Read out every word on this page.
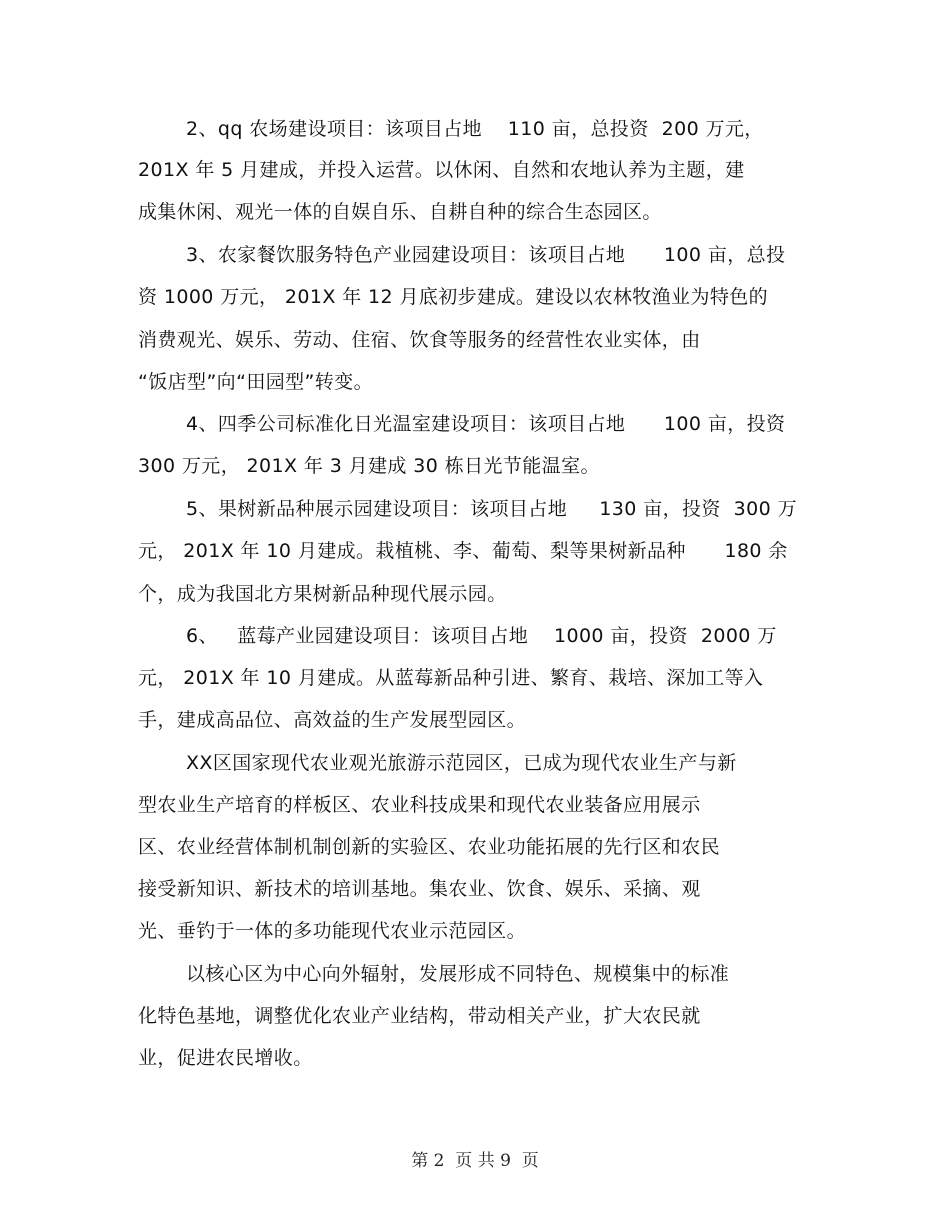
2、qq 农场建设项目：该项目占地    110 亩，总投资  200 万元，
201X 年 5 月建成，并投入运营。以休闲、自然和农地认养为主题，建
成集休闲、观光一体的自娱自乐、自耕自种的综合生态园区。
3、农家餐饮服务特色产业园建设项目：该项目占地      100 亩，总投
资 1000 万元， 201X 年 12 月底初步建成。建设以农林牧渔业为特色的
消费观光、娱乐、劳动、住宿、饮食等服务的经营性农业实体，由
“饭店型”向“田园型”转变。
4、四季公司标准化日光温室建设项目：该项目占地      100 亩，投资
300 万元， 201X 年 3 月建成 30 栋日光节能温室。
5、果树新品种展示园建设项目：该项目占地     130 亩，投资  300 万
元， 201X 年 10 月建成。栽植桃、李、葡萄、梨等果树新品种      180 余
个，成为我国北方果树新品种现代展示园。
6、   蓝莓产业园建设项目：该项目占地    1000 亩，投资  2000 万
元， 201X 年 10 月建成。从蓝莓新品种引进、繁育、栽培、深加工等入
手，建成高品位、高效益的生产发展型园区。
XX区国家现代农业观光旅游示范园区，已成为现代农业生产与新
型农业生产培育的样板区、农业科技成果和现代农业装备应用展示
区、农业经营体制机制创新的实验区、农业功能拓展的先行区和农民
接受新知识、新技术的培训基地。集农业、饮食、娱乐、采摘、观
光、垂钓于一体的多功能现代农业示范园区。
以核心区为中心向外辐射，发展形成不同特色、规模集中的标准
化特色基地，调整优化农业产业结构，带动相关产业，扩大农民就
业，促进农民增收。
第 2  页 共 9  页
